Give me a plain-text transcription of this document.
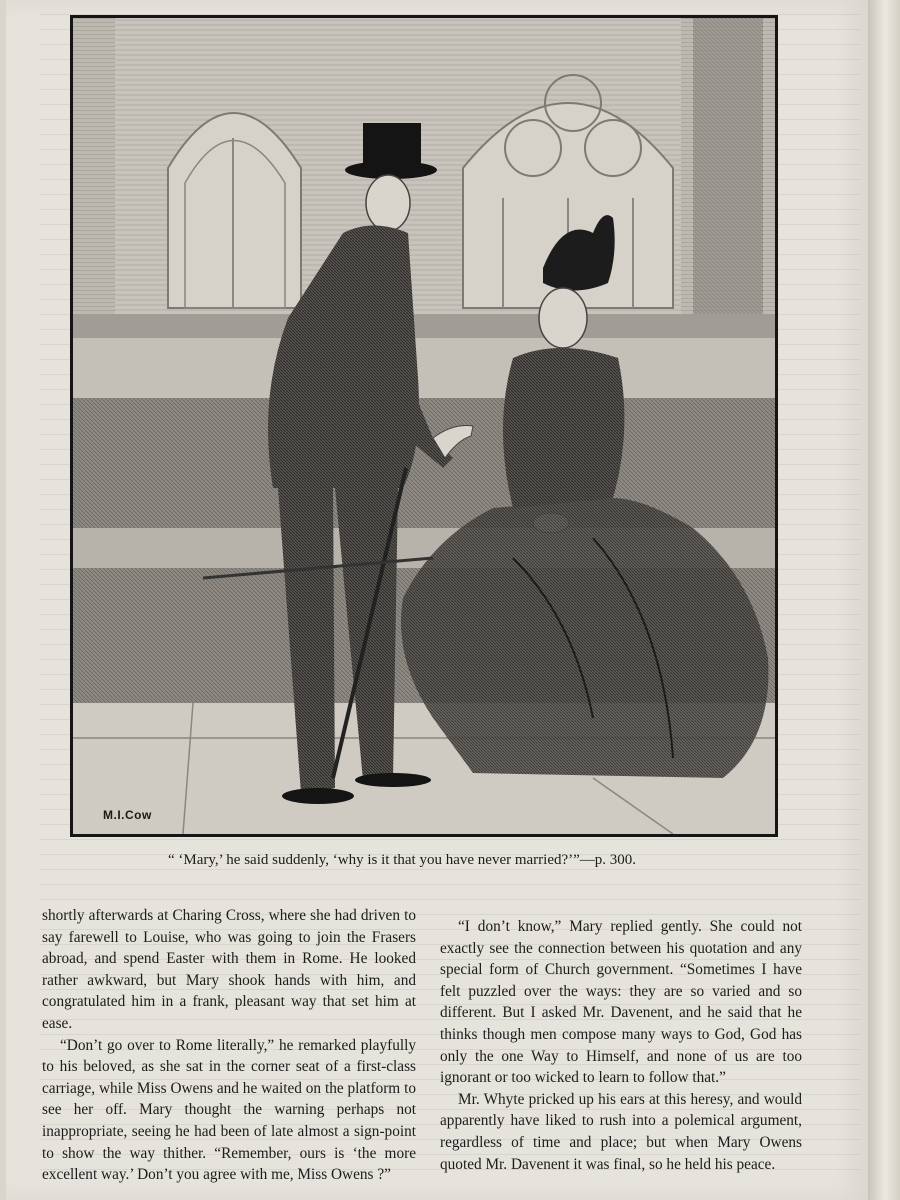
M.I.Cow
“ ‘Mary,’ he said suddenly, ‘why is it that you have never married?’”—p. 300.

shortly afterwards at Charing Cross, where she had driven to say farewell to Louise, who was going to join the Frasers abroad, and spend Easter with them in Rome. He looked rather awkward, but Mary shook hands with him, and congratulated him in a frank, pleasant way that set him at ease.

“Don’t go over to Rome literally,” he remarked playfully to his beloved, as she sat in the corner seat of a first-class carriage, while Miss Owens and he waited on the platform to see her off. Mary thought the warning perhaps not inappropriate, seeing he had been of late almost a sign-point to show the way thither. “Remember, ours is ‘the more excellent way.’ Don’t you agree with me, Miss Owens ?”

“I don’t know,” Mary replied gently. She could not exactly see the connection between his quotation and any special form of Church government. “Sometimes I have felt puzzled over the ways: they are so varied and so different. But I asked Mr. Davenent, and he said that he thinks though men compose many ways to God, God has only the one Way to Himself, and none of us are too ignorant or too wicked to learn to follow that.”

Mr. Whyte pricked up his ears at this heresy, and would apparently have liked to rush into a polemical argument, regardless of time and place; but when Mary Owens quoted Mr. Davenent it was final, so he held his peace.
